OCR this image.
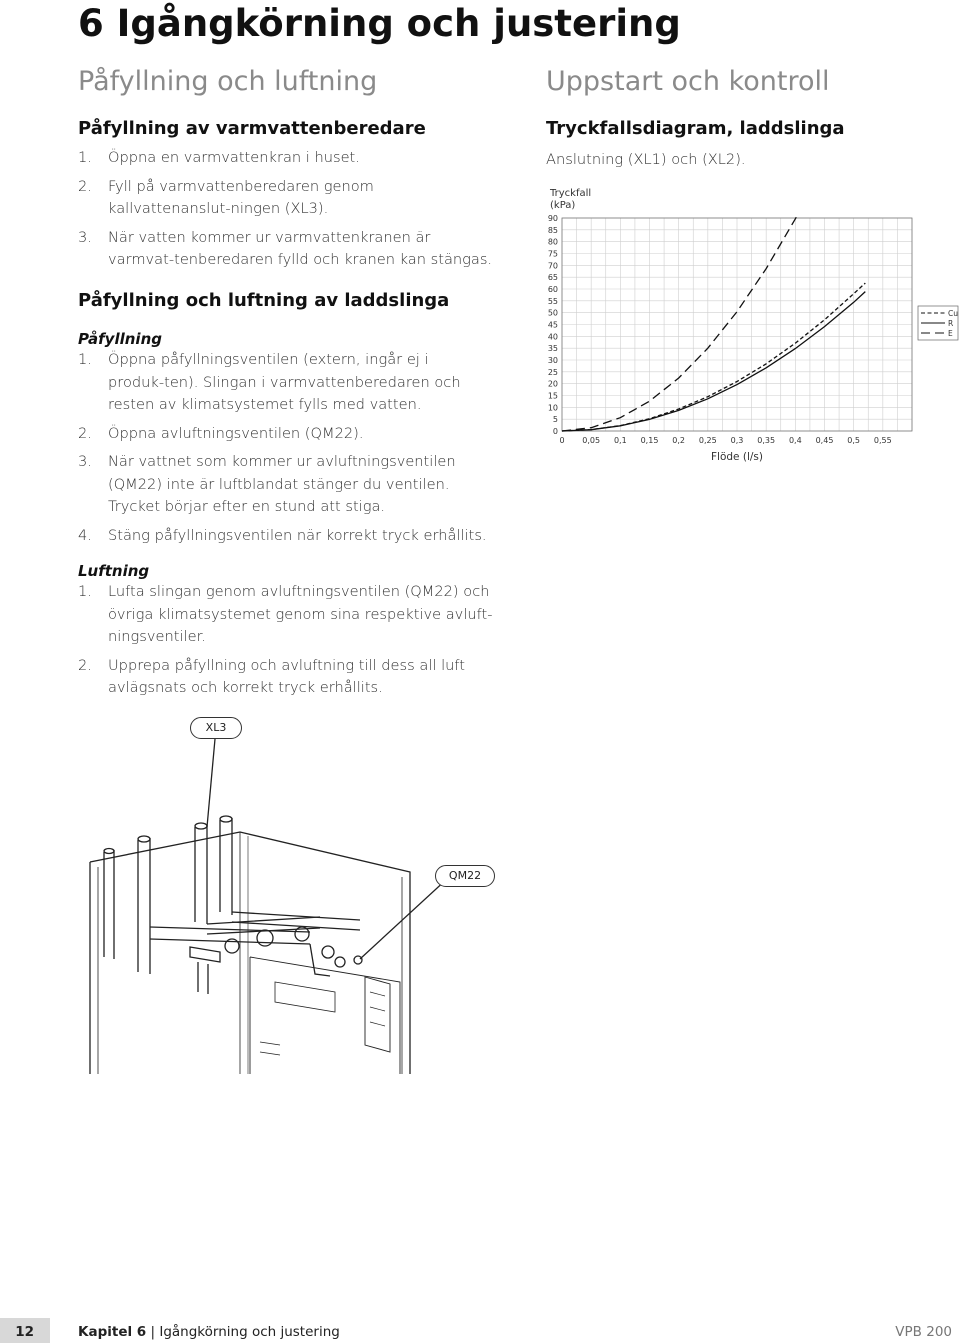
6 Igångkörning och justering
Påfyllning och luftning
Påfyllning av varmvattenberedare
1. Öppna en varmvattenkran i huset.
2. Fyll på varmvattenberedaren genom kallvattenanslut-ningen (XL3).
3. När vatten kommer ur varmvattenkranen är varmvat-tenberedaren fylld och kranen kan stängas.
Påfyllning och luftning av laddslinga
Påfyllning
1. Öppna påfyllningsventilen (extern, ingår ej i produk-ten). Slingan i varmvattenberedaren och resten av klimatsystemet fylls med vatten.
2. Öppna avluftningsventilen (QM22).
3. När vattnet som kommer ur avluftningsventilen (QM22) inte är luftblandat stänger du ventilen. Trycket börjar efter en stund att stiga.
4. Stäng påfyllningsventilen när korrekt tryck erhållits.
Luftning
1. Lufta slingan genom avluftningsventilen (QM22) och övriga klimatsystemet genom sina respektive avluft-ningsventiler.
2. Upprepa påfyllning och avluftning till dess all luft avlägsnats och korrekt tryck erhållits.
Uppstart och kontroll
Tryckfallsdiagram, laddslinga
Anslutning (XL1) och (XL2).
0
5
10
15
20
25
30
35
40
45
50
55
60
65
70
75
80
85
90
0 0,05 0,1 0,15 0,2 0,25 0,3 0,35 0,4 0,45 0,5 0,55
Tryckfall
(kPa)
Flöde (l/s)
Cu
R
E
XL3
QM22
12	Kapitel 6 | Igångkörning och justering	VPB 200
